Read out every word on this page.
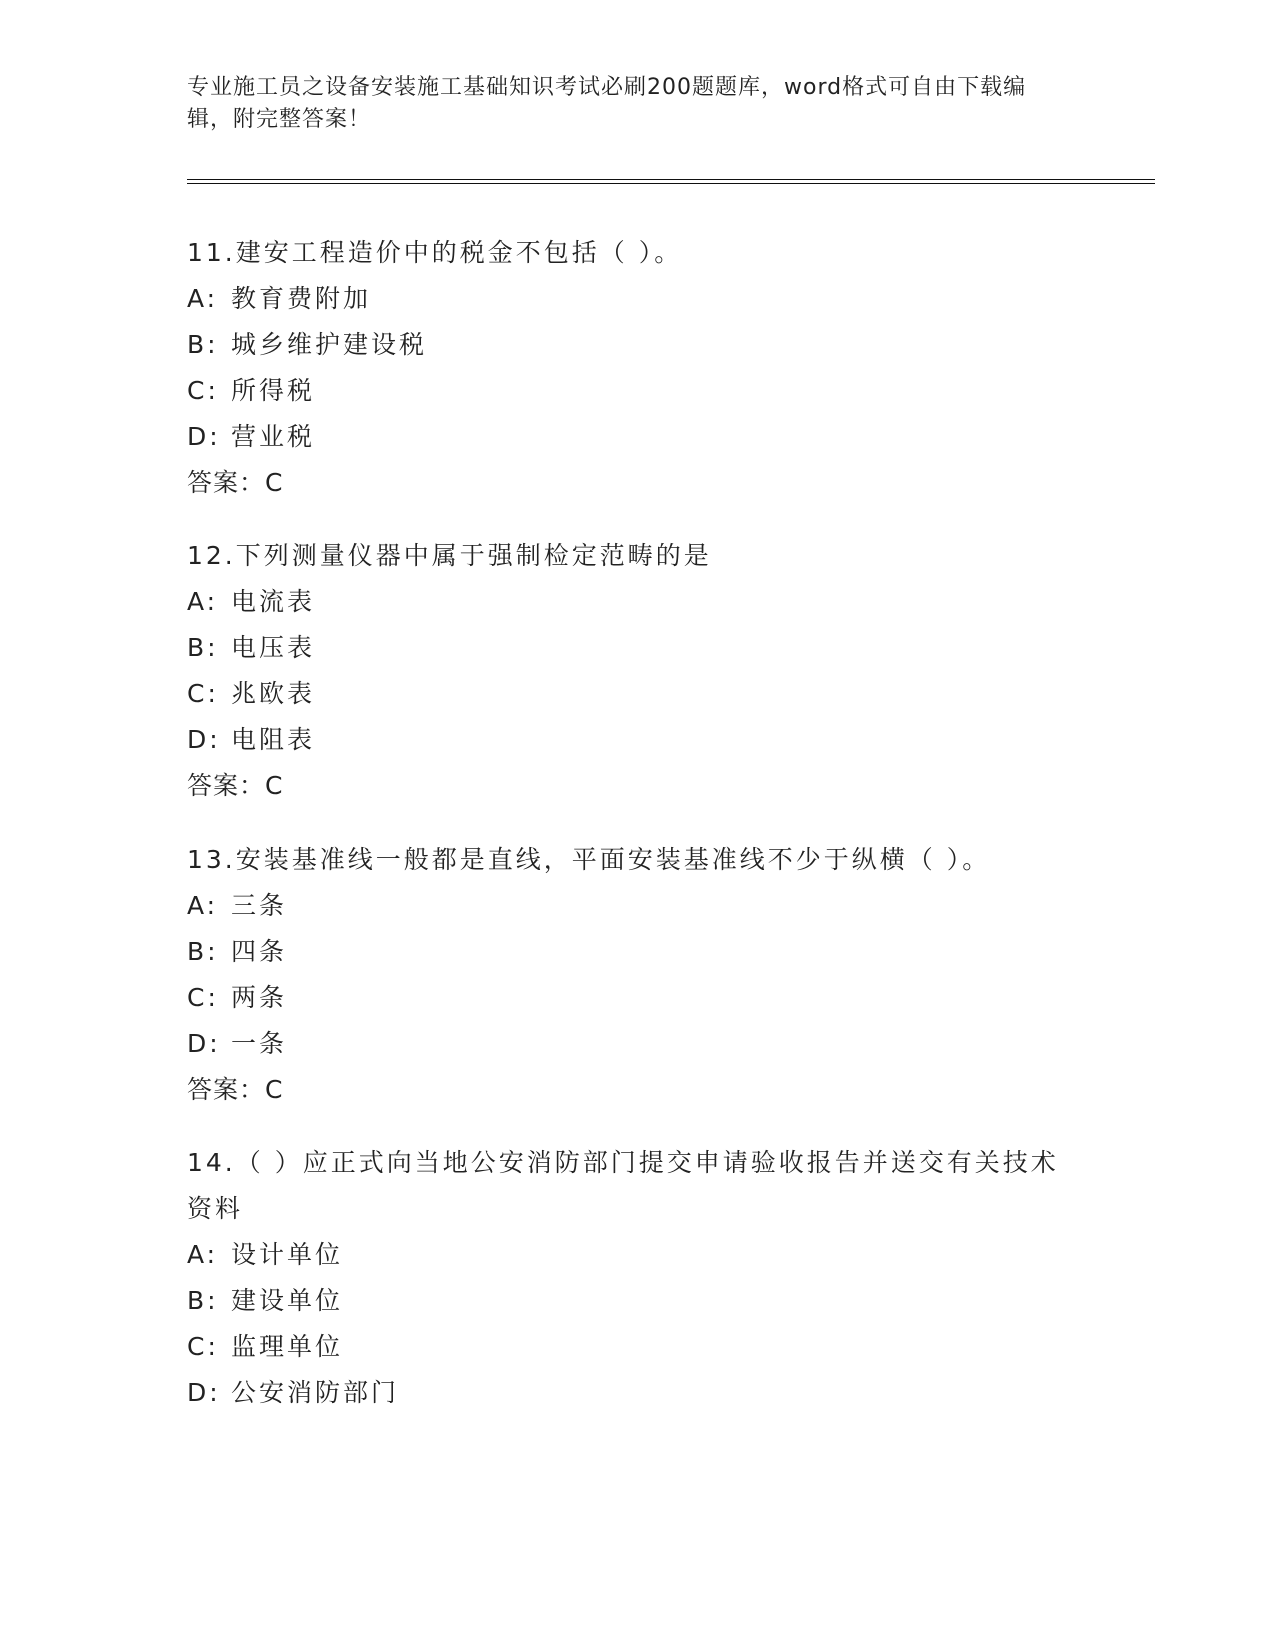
专业施工员之设备安装施工基础知识考试必刷200题题库，word格式可自由下载编辑，附完整答案！
11.建安工程造价中的税金不包括（ ）。
A: 教育费附加
B: 城乡维护建设税
C: 所得税
D: 营业税
答案：C
12.下列测量仪器中属于强制检定范畴的是
A: 电流表
B: 电压表
C: 兆欧表
D: 电阻表
答案：C
13.安装基准线一般都是直线，平面安装基准线不少于纵横（ ）。
A: 三条
B: 四条
C: 两条
D: 一条
答案：C
14.（ ）应正式向当地公安消防部门提交申请验收报告并送交有关技术资料
A: 设计单位
B: 建设单位
C: 监理单位
D: 公安消防部门
